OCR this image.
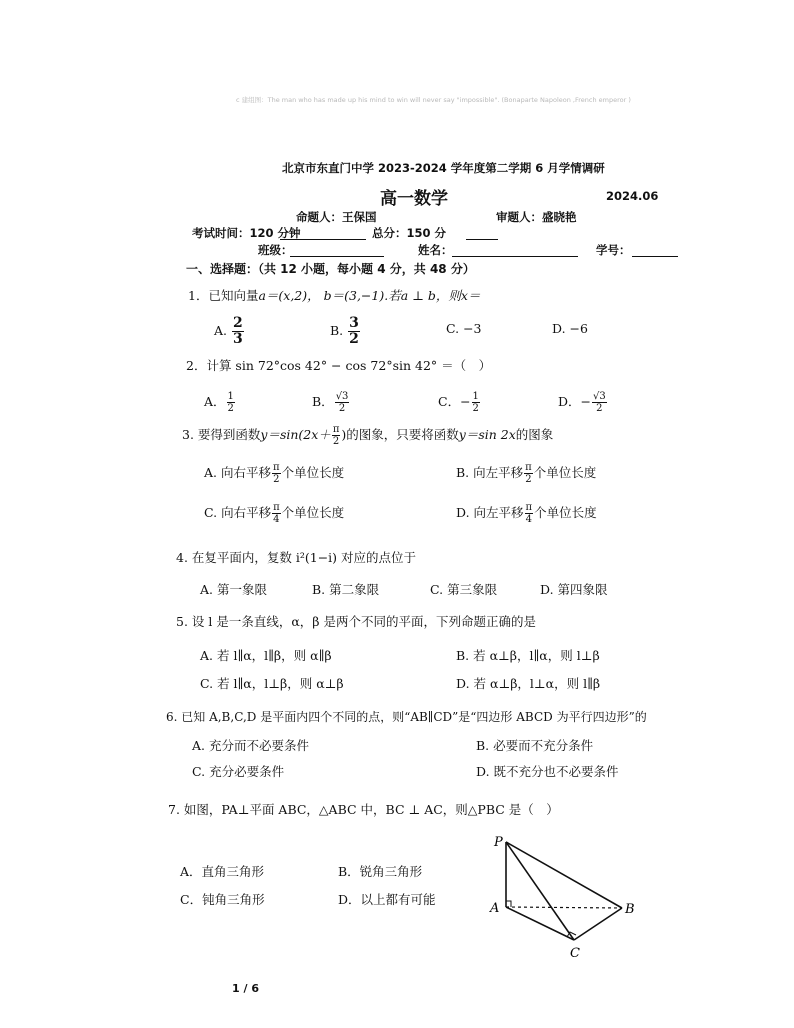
c 建组图：The man who has made up his mind to win will never say "impossible". (Bonaparte Napoleon ,French emperor )
北京市东直门中学 2023-2024 学年度第二学期 6 月学情调研
高一数学	2024.06
命题人：王保国	审题人：盛晓艳
考试时间：120 分钟	总分：150 分
班级：	姓名：	学号：
一、选择题：（共 12 小题，每小题 4 分，共 48 分）
1．已知向量a＝(x,2)， b＝(3,−1).若a ⊥ b，则x＝
A. $\frac{2}{3}$	B. $\frac{3}{2}$	C. −3	D. −6
2．计算 sin 72°cos 42° − cos 72°sin 42° ＝（　）
A． $\frac{1}{2}$	B． $\frac{√3}{2}$	C．− $\frac{1}{2}$	D．− $\frac{√3}{2}$
3. 要得到函数$y=\sin(2x+ \frac{\pi}{2}$ )的图象，只要将函数y＝sin 2x的图象
A. 向右平移 $\frac{\pi}{2}$ 个单位长度	B. 向左平移 $\frac{\pi}{2}$ 个单位长度
C. 向右平移 $\frac{\pi}{4}$ 个单位长度	D. 向左平移 $\frac{\pi}{4}$ 个单位长度
4. 在复平面内，复数 i²(1−i) 对应的点位于
A. 第一象限	B. 第二象限	C. 第三象限	D. 第四象限
5. 设 l 是一条直线，α，β 是两个不同的平面，下列命题正确的是
A. 若 l∥α，l∥β，则 α∥β	B. 若 α⊥β，l∥α，则 l⊥β
C. 若 l∥α，l⊥β，则 α⊥β	D. 若 α⊥β，l⊥α，则 l∥β
6. 已知 A,B,C,D 是平面内四个不同的点，则“AB∥CD”是“四边形 ABCD 为平行四边形”的
A. 充分而不必要条件	B. 必要而不充分条件
C. 充分必要条件	D. 既不充分也不必要条件
7. 如图，PA⊥平面 ABC，△ABC 中，BC ⊥ AC，则△PBC 是（　）
A．直角三角形	B．锐角三角形
C．钝角三角形	D．以上都有可能
P
A	B
C
1 / 6
